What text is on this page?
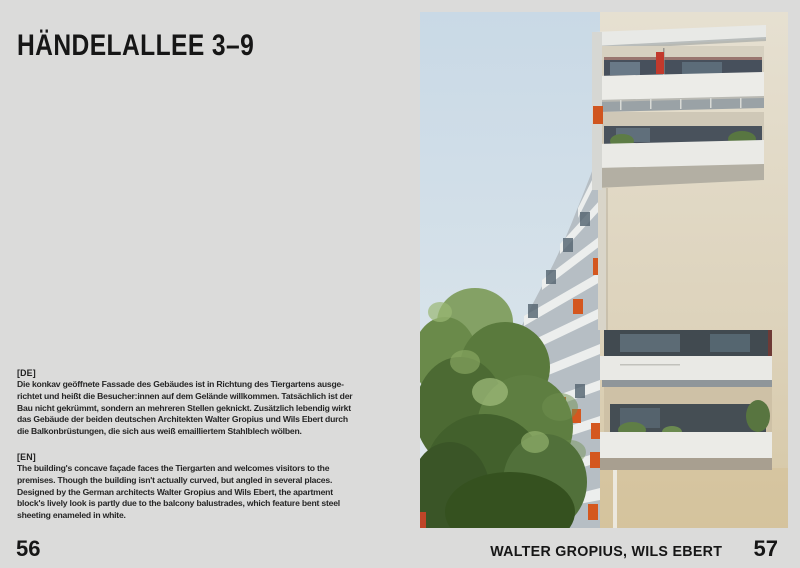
HÄNDELALLEE 3–9
[DE]
Die konkav geöffnete Fassade des Gebäudes ist in Richtung des Tiergartens ausge-
richtet und heißt die Besucher:innen auf dem Gelände willkommen. Tatsächlich ist der
Bau nicht gekrümmt, sondern an mehreren Stellen geknickt. Zusätzlich lebendig wirkt
das Gebäude der beiden deutschen Architekten Walter Gropius und Wils Ebert durch
die Balkonbrüstungen, die sich aus weiß emailliertem Stahlblech wölben.
[EN]
The building's concave façade faces the Tiergarten and welcomes visitors to the
premises. Though the building isn't actually curved, but angled in several places.
Designed by the German architects Walter Gropius and Wils Ebert, the apartment
block's lively look is partly due to the balcony balustrades, which feature bent steel
sheeting enameled in white.
56	WALTER GROPIUS, WILS EBERT 57
